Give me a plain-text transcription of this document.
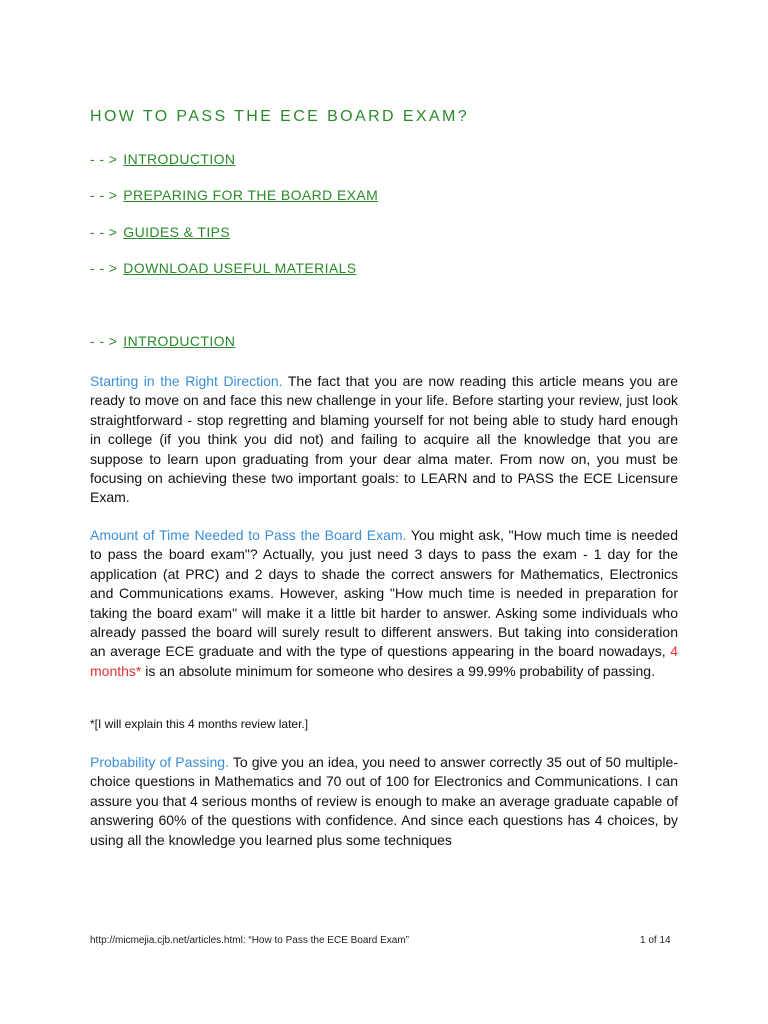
HOW TO PASS THE ECE BOARD EXAM?
- - > INTRODUCTION
- - > PREPARING FOR THE BOARD EXAM
- - > GUIDES & TIPS
- - > DOWNLOAD USEFUL MATERIALS
- - > INTRODUCTION
Starting in the Right Direction. The fact that you are now reading this article means you are ready to move on and face this new challenge in your life. Before starting your review, just look straightforward - stop regretting and blaming yourself for not being able to study hard enough in college (if you think you did not) and failing to acquire all the knowledge that you are suppose to learn upon graduating from your dear alma mater. From now on, you must be focusing on achieving these two important goals: to LEARN and to PASS the ECE Licensure Exam.
Amount of Time Needed to Pass the Board Exam. You might ask, "How much time is needed to pass the board exam"? Actually, you just need 3 days to pass the exam - 1 day for the application (at PRC) and 2 days to shade the correct answers for Mathematics, Electronics and Communications exams. However, asking "How much time is needed in preparation for taking the board exam" will make it a little bit harder to answer. Asking some individuals who already passed the board will surely result to different answers. But taking into consideration an average ECE graduate and with the type of questions appearing in the board nowadays, 4 months* is an absolute minimum for someone who desires a 99.99% probability of passing.
*[I will explain this 4 months review later.]
Probability of Passing. To give you an idea, you need to answer correctly 35 out of 50 multiple-choice questions in Mathematics and 70 out of 100 for Electronics and Communications. I can assure you that 4 serious months of review is enough to make an average graduate capable of answering 60% of the questions with confidence. And since each questions has 4 choices, by using all the knowledge you learned plus some techniques
http://micmejia.cjb.net/articles.html: “How to Pass the ECE Board Exam”	1 of 14
